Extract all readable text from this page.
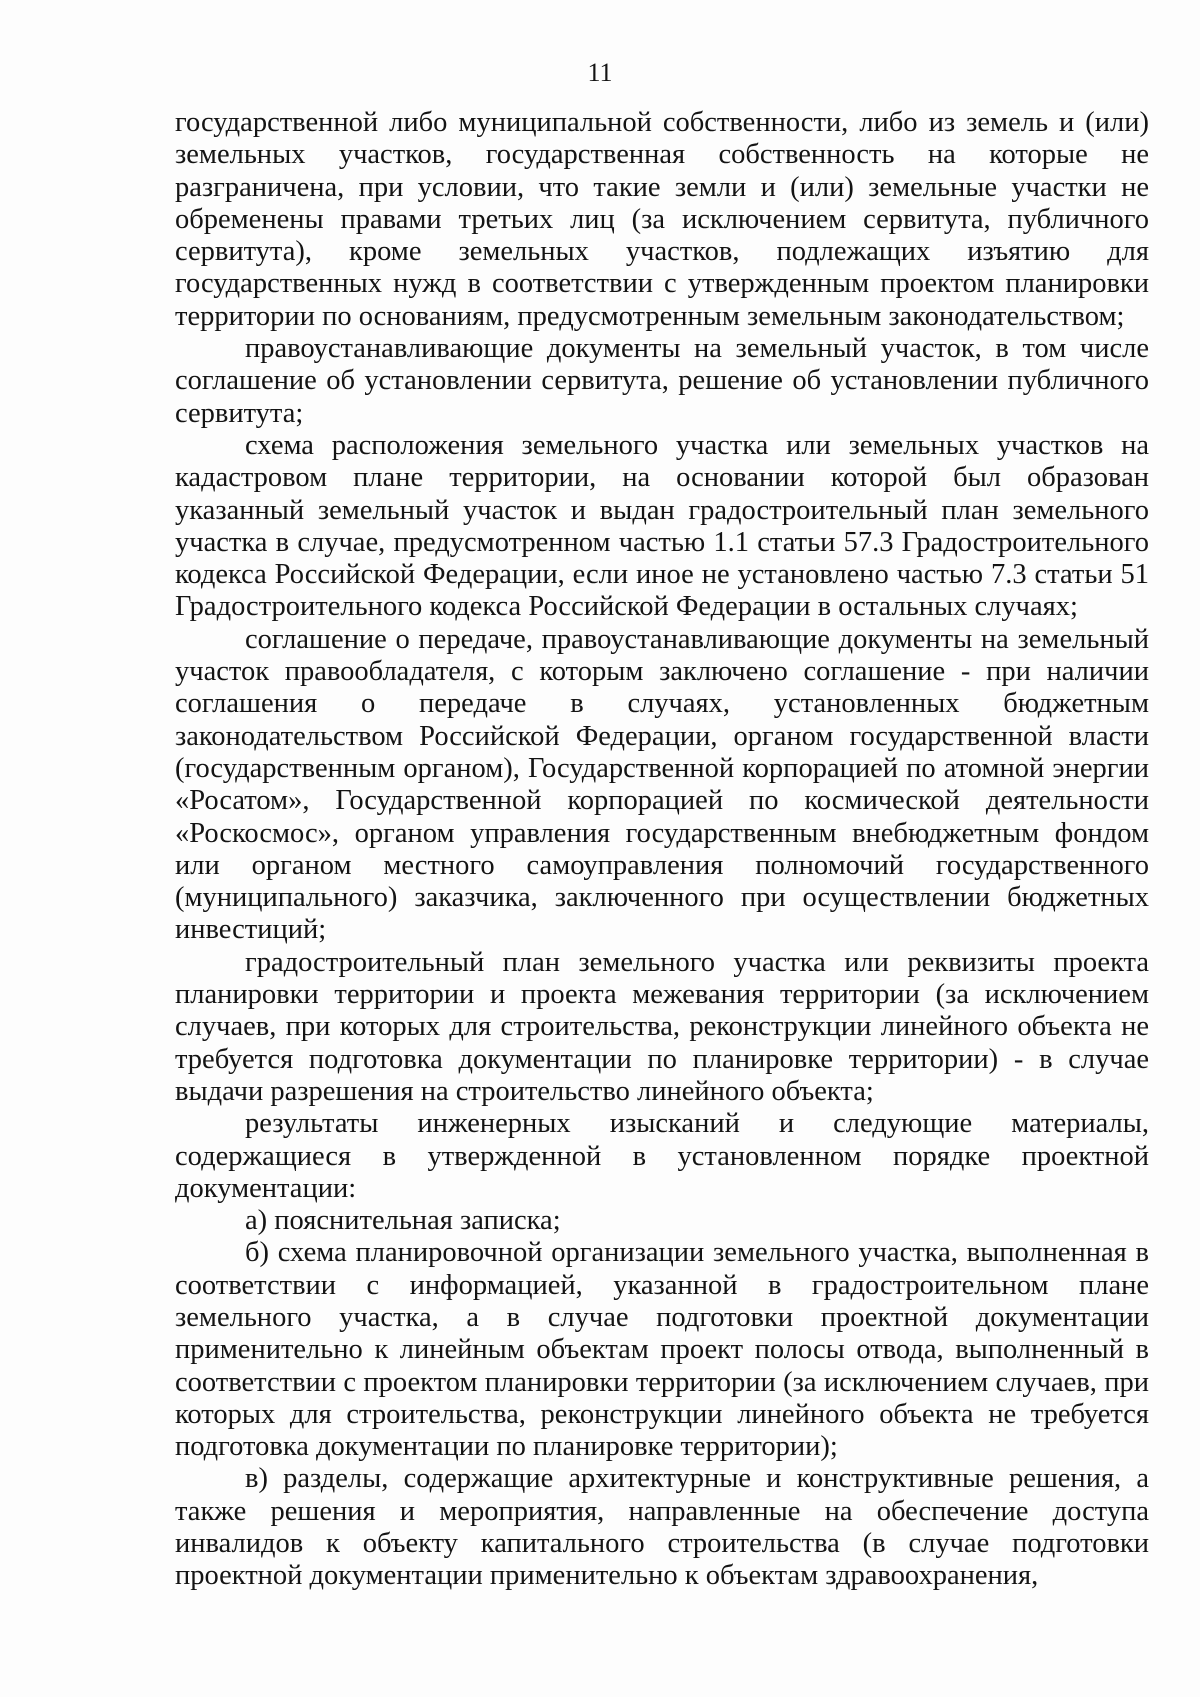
11

государственной либо муниципальной собственности, либо из земель и (или) земельных участков, государственная собственность на которые не разграничена, при условии, что такие земли и (или) земельные участки не обременены правами третьих лиц (за исключением сервитута, публичного сервитута), кроме земельных участков, подлежащих изъятию для государственных нужд в соответствии с утвержденным проектом планировки территории по основаниям, предусмотренным земельным законодательством;

правоустанавливающие документы на земельный участок, в том числе соглашение об установлении сервитута, решение об установлении публичного сервитута;

схема расположения земельного участка или земельных участков на кадастровом плане территории, на основании которой был образован указанный земельный участок и выдан градостроительный план земельного участка в случае, предусмотренном частью 1.1 статьи 57.3 Градостроительного кодекса Российской Федерации, если иное не установлено частью 7.3 статьи 51 Градостроительного кодекса Российской Федерации в остальных случаях;

соглашение о передаче, правоустанавливающие документы на земельный участок правообладателя, с которым заключено соглашение - при наличии соглашения о передаче в случаях, установленных бюджетным законодательством Российской Федерации, органом государственной власти (государственным органом), Государственной корпорацией по атомной энергии «Росатом», Государственной корпорацией по космической деятельности «Роскосмос», органом управления государственным внебюджетным фондом или органом местного самоуправления полномочий государственного (муниципального) заказчика, заключенного при осуществлении бюджетных инвестиций;

градостроительный план земельного участка или реквизиты проекта планировки территории и проекта межевания территории (за исключением случаев, при которых для строительства, реконструкции линейного объекта не требуется подготовка документации по планировке территории) - в случае выдачи разрешения на строительство линейного объекта;

результаты инженерных изысканий и следующие материалы, содержащиеся в утвержденной в установленном порядке проектной документации:

а) пояснительная записка;

б) схема планировочной организации земельного участка, выполненная в соответствии с информацией, указанной в градостроительном плане земельного участка, а в случае подготовки проектной документации применительно к линейным объектам проект полосы отвода, выполненный в соответствии с проектом планировки территории (за исключением случаев, при которых для строительства, реконструкции линейного объекта не требуется подготовка документации по планировке территории);

в) разделы, содержащие архитектурные и конструктивные решения, а также решения и мероприятия, направленные на обеспечение доступа инвалидов к объекту капитального строительства (в случае подготовки проектной документации применительно к объектам здравоохранения,
